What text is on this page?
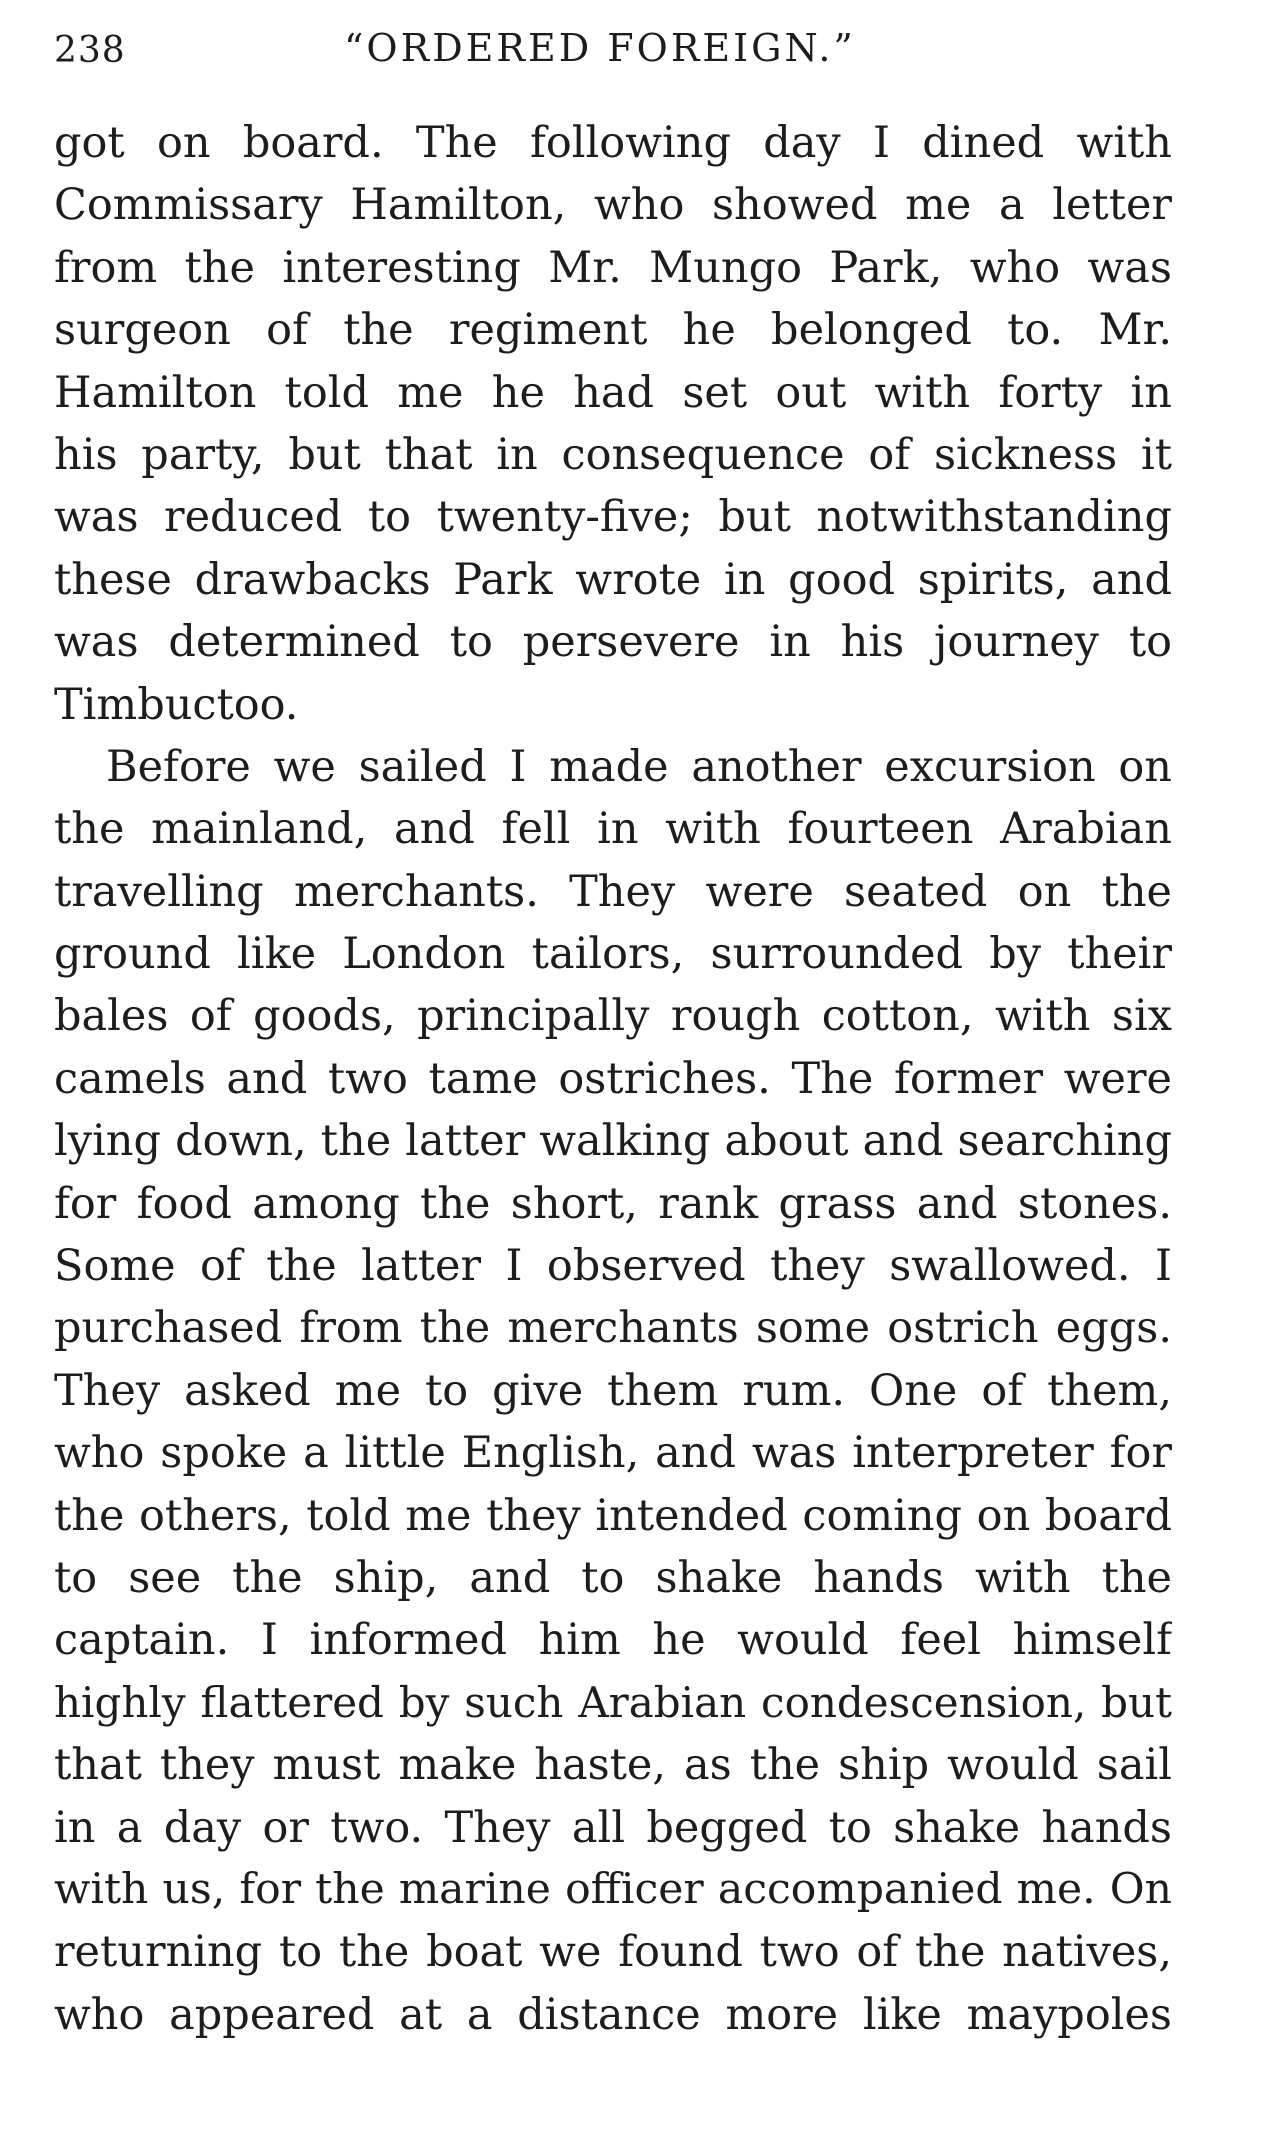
238	“ORDERED FOREIGN.”
got on board. The following day I dined with
Commissary Hamilton, who showed me a letter
from the interesting Mr. Mungo Park, who was
surgeon of the regiment he belonged to. Mr.
Hamilton told me he had set out with forty in
his party, but that in consequence of sickness it
was reduced to twenty-five; but notwithstanding
these drawbacks Park wrote in good spirits, and
was determined to persevere in his journey to
Timbuctoo.
Before we sailed I made another excursion on
the mainland, and fell in with fourteen Arabian
travelling merchants. They were seated on the
ground like London tailors, surrounded by their
bales of goods, principally rough cotton, with six
camels and two tame ostriches. The former were
lying down, the latter walking about and searching
for food among the short, rank grass and stones.
Some of the latter I observed they swallowed. I
purchased from the merchants some ostrich eggs.
They asked me to give them rum. One of them,
who spoke a little English, and was interpreter for
the others, told me they intended coming on board
to see the ship, and to shake hands with the
captain. I informed him he would feel himself
highly flattered by such Arabian condescension, but
that they must make haste, as the ship would sail
in a day or two. They all begged to shake hands
with us, for the marine officer accompanied me. On
returning to the boat we found two of the natives,
who appeared at a distance more like maypoles
